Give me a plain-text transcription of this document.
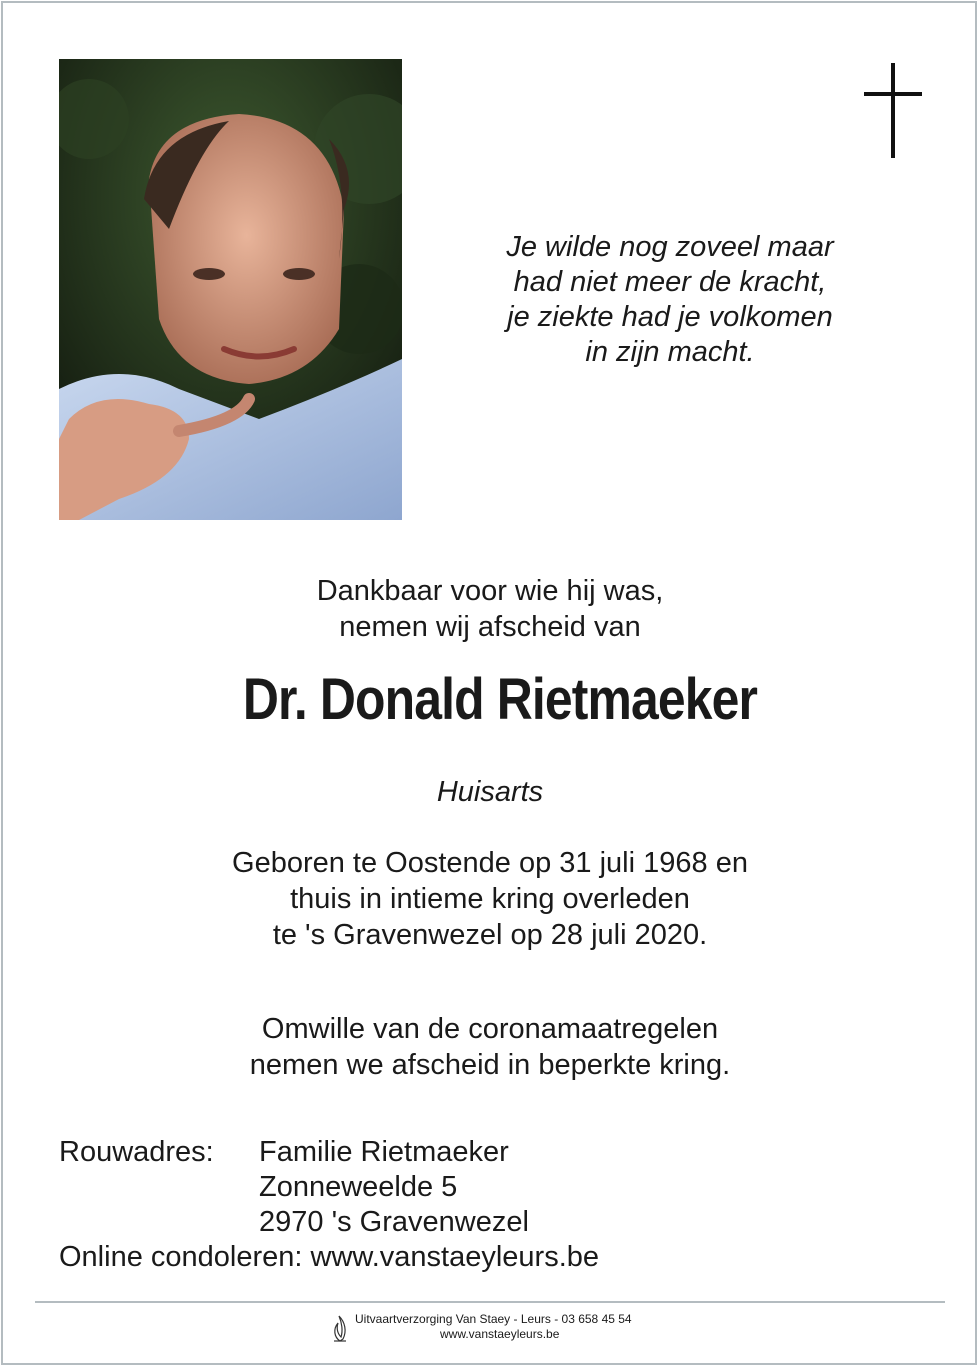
Je wilde nog zoveel maar
had niet meer de kracht,
je ziekte had je volkomen
in zijn macht.
Dankbaar voor wie hij was,
nemen wij afscheid van
Dr. Donald Rietmaeker
Huisarts
Geboren te Oostende op 31 juli 1968 en
thuis in intieme kring overleden
te 's Gravenwezel op 28 juli 2020.
Omwille van de coronamaatregelen
nemen we afscheid in beperkte kring.
Rouwadres:	Familie Rietmaeker
Zonneweelde 5
2970 's Gravenwezel
Online condoleren: www.vanstaeyleurs.be
Uitvaartverzorging Van Staey - Leurs - 03 658 45 54
www.vanstaeyleurs.be
